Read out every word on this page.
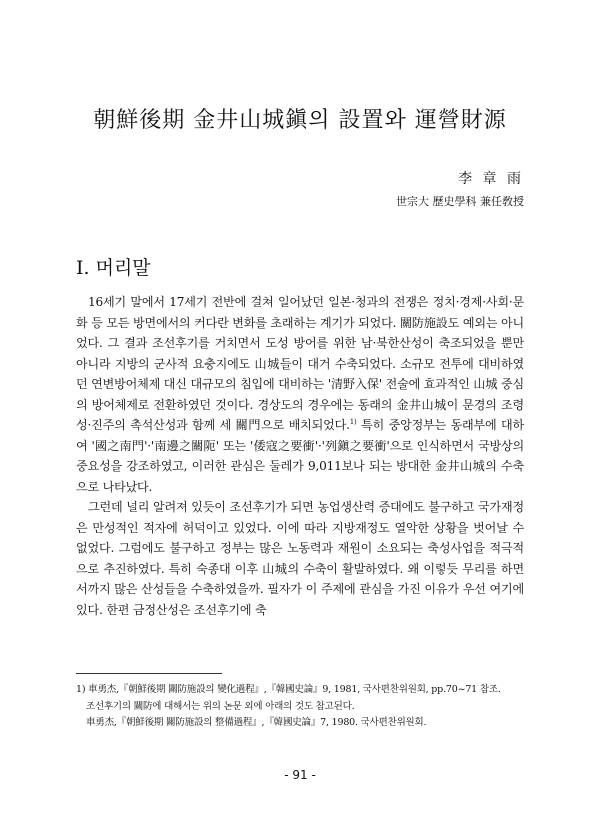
朝鮮後期 金井山城鎭의 設置와 運營財源
李 章 雨
世宗大 歷史學科 兼任敎授
Ⅰ. 머리말

16세기 말에서 17세기 전반에 걸쳐 일어났던 일본·청과의 전쟁은 정치·경제·사회·문화 등 모든 방면에서의 커다란 변화를 초래하는 계기가 되었다. 關防施設도 예외는 아니었다. 그 결과 조선후기를 거치면서 도성 방어를 위한 남·북한산성이 축조되었을 뿐만 아니라 지방의 군사적 요충지에도 山城들이 대거 수축되었다. 소규모 전투에 대비하였던 연변방어체제 대신 대규모의 침입에 대비하는 '清野入保' 전술에 효과적인 山城 중심의 방어체제로 전환하였던 것이다. 경상도의 경우에는 동래의 金井山城이 문경의 조령성·진주의 촉석산성과 함께 세 關門으로 배치되었다.$^{1)}$ 특히 중앙정부는 동래부에 대하여 '國之南門'·'南邊之關阨' 또는 '倭寇之要衝'·'列鎭之要衝'으로 인식하면서 국방상의 중요성을 강조하였고, 이러한 관심은 둘레가 9,011보나 되는 방대한 金井山城의 수축으로 나타났다.

그런데 널리 알려져 있듯이 조선후기가 되면 농업생산력 증대에도 불구하고 국가재정은 만성적인 적자에 허덕이고 있었다. 이에 따라 지방재정도 열악한 상황을 벗어날 수 없었다. 그럼에도 불구하고 정부는 많은 노동력과 재원이 소요되는 축성사업을 적극적으로 추진하였다. 특히 숙종대 이후 山城의 수축이 활발하였다. 왜 이렇듯 무리를 하면서까지 많은 산성들을 수축하였을까. 필자가 이 주제에 관심을 가진 이유가 우선 여기에 있다. 한편 금정산성은 조선후기에 축

1) 車勇杰,『朝鮮後期 關防施設의 變化過程』,『韓國史論』9, 1981, 국사편찬위원회, pp.70~71 참조.
조선후기의 關防에 대해서는 위의 논문 외에 아래의 것도 참고된다.
車勇杰,『朝鮮後期 關防施設의 整備過程』,『韓國史論』7, 1980. 국사편찬위원회.
- 91 -
